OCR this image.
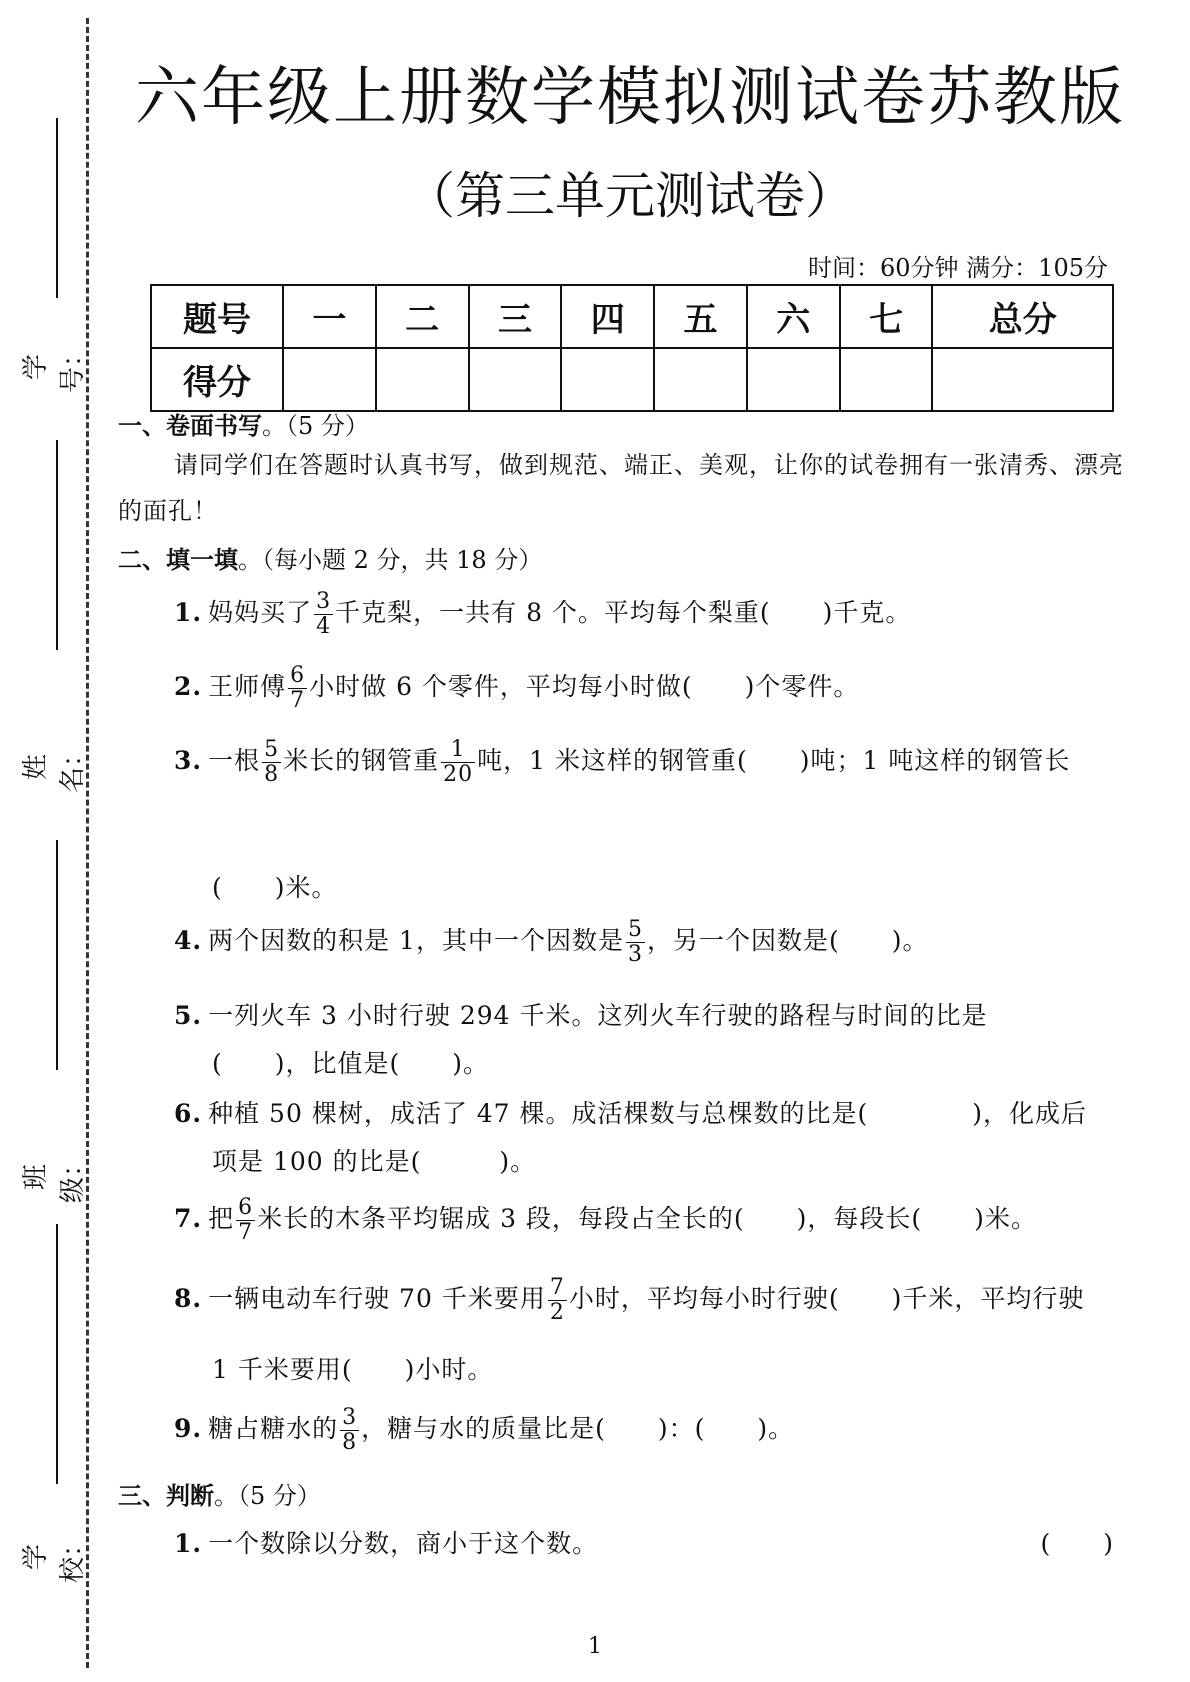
学号：
姓名：
班级：
学校：
六年级上册数学模拟测试卷苏教版
（第三单元测试卷）
时间：60分钟 满分：105分
题号	一	二	三	四	五	六	七	总分
得分								
一、卷面书写。（5 分）
请同学们在答题时认真书写，做到规范、端正、美观，让你的试卷拥有一张清秀、漂亮的面孔！
二、填一填。（每小题 2 分，共 18 分）
1. 妈妈买了 $\frac{3}{4}$ 千克梨，一共有 8 个。平均每个梨重(　　)千克。
2. 王师傅 $\frac{6}{7}$ 小时做 6 个零件，平均每小时做(　　)个零件。
3. 一根 $\frac{5}{8}$ 米长的钢管重 $\frac{1}{20}$ 吨，1 米这样的钢管重(　　)吨；1 吨这样的钢管长
(　　)米。
4. 两个因数的积是 1，其中一个因数是 $\frac{5}{3}$ ，另一个因数是(　　)。
5. 一列火车 3 小时行驶 294 千米。这列火车行驶的路程与时间的比是
(　　)，比值是(　　)。
6. 种植 50 棵树，成活了 47 棵。成活棵数与总棵数的比是(　　　　)，化成后
项是 100 的比是(　　　)。
7. 把 $\frac{6}{7}$ 米长的木条平均锯成 3 段，每段占全长的(　　)，每段长(　　)米。
8. 一辆电动车行驶 70 千米要用 $\frac{7}{2}$ 小时，平均每小时行驶(　　)千米，平均行驶
1 千米要用(　　)小时。
9. 糖占糖水的 $\frac{3}{8}$ ，糖与水的质量比是(　　)：(　　)。
三、判断。（5 分）
1. 一个数除以分数，商小于这个数。	(　　)
1
